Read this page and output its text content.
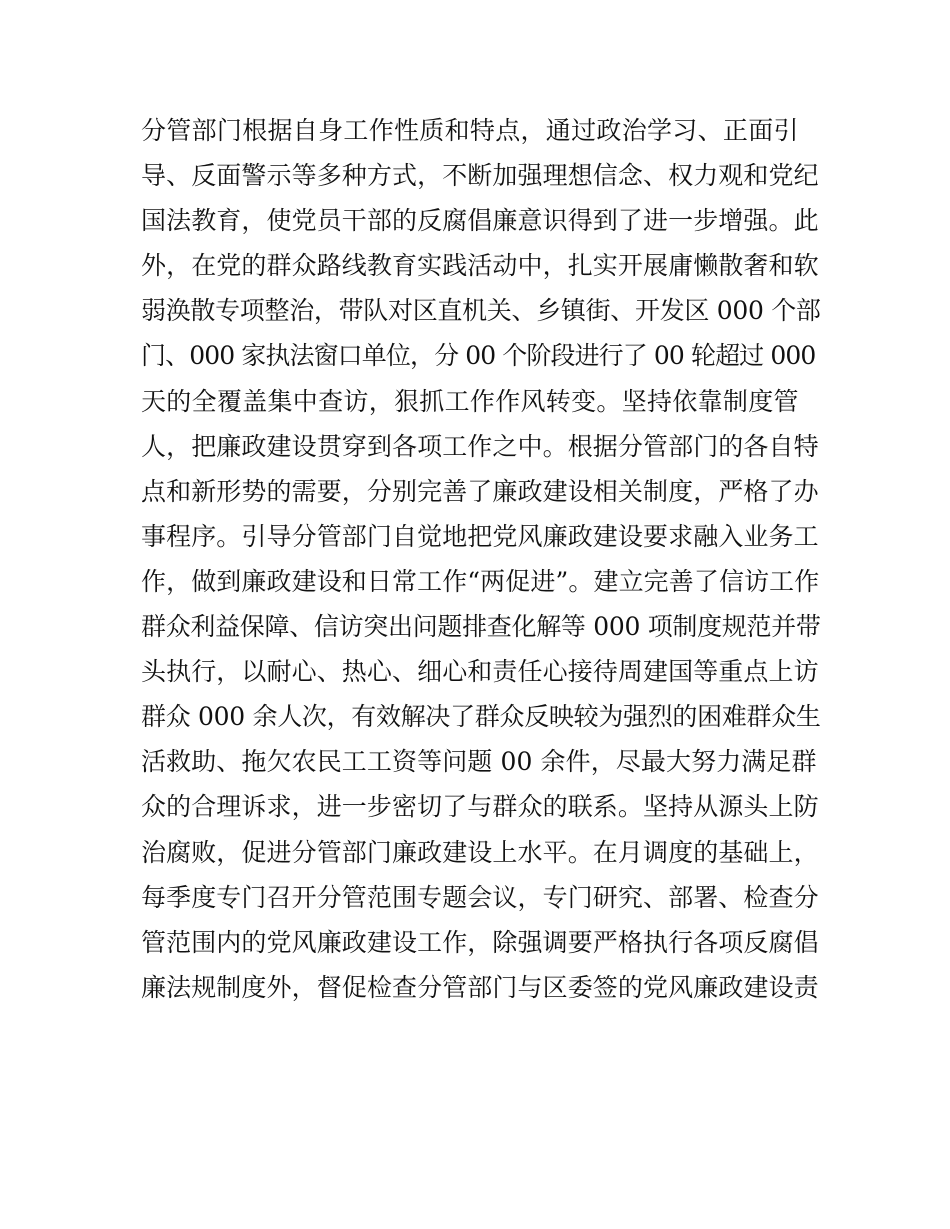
分管部门根据自身工作性质和特点，通过政治学习、正面引
导、反面警示等多种方式，不断加强理想信念、权力观和党纪
国法教育，使党员干部的反腐倡廉意识得到了进一步增强。此
外，在党的群众路线教育实践活动中，扎实开展庸懒散奢和软
弱涣散专项整治，带队对区直机关、乡镇街、开发区 000 个部
门、000 家执法窗口单位，分 00 个阶段进行了 00 轮超过 000
天的全覆盖集中查访，狠抓工作作风转变。坚持依靠制度管
人，把廉政建设贯穿到各项工作之中。根据分管部门的各自特
点和新形势的需要，分别完善了廉政建设相关制度，严格了办
事程序。引导分管部门自觉地把党风廉政建设要求融入业务工
作，做到廉政建设和日常工作“两促进”。建立完善了信访工作
群众利益保障、信访突出问题排查化解等 000 项制度规范并带
头执行，以耐心、热心、细心和责任心接待周建国等重点上访
群众 000 余人次，有效解决了群众反映较为强烈的困难群众生
活救助、拖欠农民工工资等问题 00 余件，尽最大努力满足群
众的合理诉求，进一步密切了与群众的联系。坚持从源头上防
治腐败，促进分管部门廉政建设上水平。在月调度的基础上，
每季度专门召开分管范围专题会议，专门研究、部署、检查分
管范围内的党风廉政建设工作，除强调要严格执行各项反腐倡
廉法规制度外，督促检查分管部门与区委签的党风廉政建设责
